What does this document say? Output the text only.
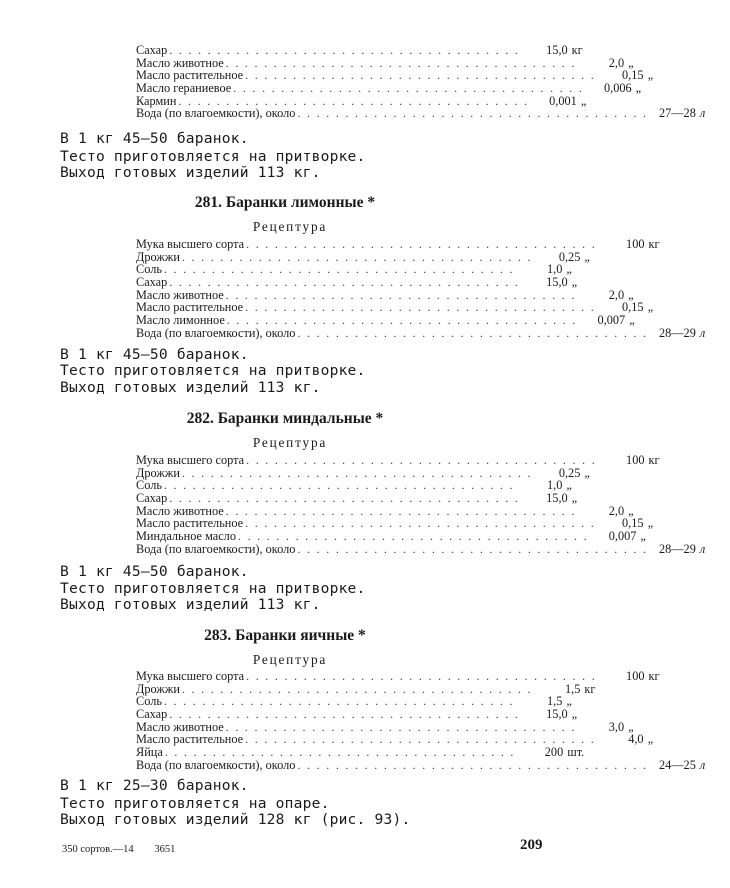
Сахар . . . . . . . . . . . . . . . . . . . . . . . . . . . . . . . . . . . . .	15,0 кг
Масло животное . . . . . . . . . . . . . . . . . . . . . . . . . . . . . . . . . . . . .	2,0 „
Масло растительное . . . . . . . . . . . . . . . . . . . . . . . . . . . . . . . . . . . . .	0,15 „
Масло гераниевое . . . . . . . . . . . . . . . . . . . . . . . . . . . . . . . . . . . . .	0,006 „
Кармин . . . . . . . . . . . . . . . . . . . . . . . . . . . . . . . . . . . . .	0,001 „
Вода (по влагоемкости), около . . . . . . . . . . . . . . . . . . . . . . . . . . . . . . . . . . . . . 27—28 л
В 1 кг 45—50 баранок.
Тесто приготовляется на притворке.
Выход готовых изделий 113 кг.
281. Баранки лимонные *
Рецептура
Мука высшего сорта . . . . . . . . . . . . . . . . . . . . . . . . . . . . . . . . . . . . .	100 кг
Дрожжи . . . . . . . . . . . . . . . . . . . . . . . . . . . . . . . . . . . . .	0,25 „
Соль . . . . . . . . . . . . . . . . . . . . . . . . . . . . . . . . . . . . .	1,0 „
Сахар . . . . . . . . . . . . . . . . . . . . . . . . . . . . . . . . . . . . .	15,0 „
Масло животное . . . . . . . . . . . . . . . . . . . . . . . . . . . . . . . . . . . . .	2,0 „
Масло растительное . . . . . . . . . . . . . . . . . . . . . . . . . . . . . . . . . . . . .	0,15 „
Масло лимонное . . . . . . . . . . . . . . . . . . . . . . . . . . . . . . . . . . . . .	0,007 „
Вода (по влагоемкости), около . . . . . . . . . . . . . . . . . . . . . . . . . . . . . . . . . . . . . 28—29 л
В 1 кг 45—50 баранок.
Тесто приготовляется на притворке.
Выход готовых изделий 113 кг.
282. Баранки миндальные *
Рецептура
Мука высшего сорта . . . . . . . . . . . . . . . . . . . . . . . . . . . . . . . . . . . . .	100 кг
Дрожжи . . . . . . . . . . . . . . . . . . . . . . . . . . . . . . . . . . . . .	0,25 „
Соль . . . . . . . . . . . . . . . . . . . . . . . . . . . . . . . . . . . . .	1,0 „
Сахар . . . . . . . . . . . . . . . . . . . . . . . . . . . . . . . . . . . . .	15,0 „
Масло животное . . . . . . . . . . . . . . . . . . . . . . . . . . . . . . . . . . . . .	2,0 „
Масло растительное . . . . . . . . . . . . . . . . . . . . . . . . . . . . . . . . . . . . .	0,15 „
Миндальное масло . . . . . . . . . . . . . . . . . . . . . . . . . . . . . . . . . . . . .	0,007 „
Вода (по влагоемкости), около . . . . . . . . . . . . . . . . . . . . . . . . . . . . . . . . . . . . . 28—29 л
В 1 кг 45—50 баранок.
Тесто приготовляется на притворке.
Выход готовых изделий 113 кг.
283. Баранки яичные *
Рецептура
Мука высшего сорта . . . . . . . . . . . . . . . . . . . . . . . . . . . . . . . . . . . . .	100 кг
Дрожжи . . . . . . . . . . . . . . . . . . . . . . . . . . . . . . . . . . . . .	1,5 кг
Соль . . . . . . . . . . . . . . . . . . . . . . . . . . . . . . . . . . . . .	1,5 „
Сахар . . . . . . . . . . . . . . . . . . . . . . . . . . . . . . . . . . . . .	15,0 „
Масло животное . . . . . . . . . . . . . . . . . . . . . . . . . . . . . . . . . . . . .	3,0 „
Масло растительное . . . . . . . . . . . . . . . . . . . . . . . . . . . . . . . . . . . . .	4,0 „
Яйца . . . . . . . . . . . . . . . . . . . . . . . . . . . . . . . . . . . . .	200 шт.
Вода (по влагоемкости), около . . . . . . . . . . . . . . . . . . . . . . . . . . . . . . . . . . . . . 24—25 л
В 1 кг 25—30 баранок.
Тесто приготовляется на опаре.
Выход готовых изделий 128 кг (рис. 93).
350 сортов.—14 3651	209
